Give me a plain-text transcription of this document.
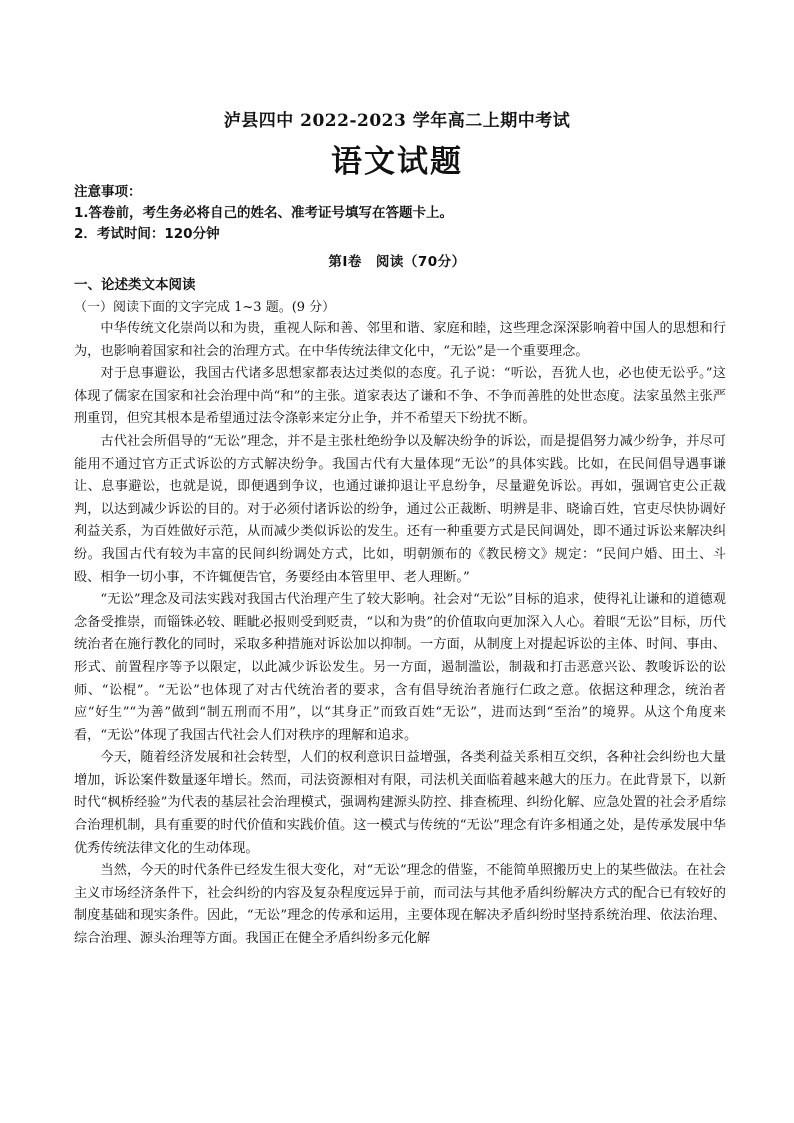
泸县四中 2022-2023 学年高二上期中考试
语文试题
注意事项：
1.答卷前，考生务必将自己的姓名、准考证号填写在答题卡上。
2．考试时间：120分钟
第Ⅰ卷　阅读（70分）
一、论述类文本阅读
（一）阅读下面的文字完成 1~3 题。(9 分）

中华传统文化崇尚以和为贵，重视人际和善、邻里和谐、家庭和睦，这些理念深深影响着中国人的思想和行为，也影响着国家和社会的治理方式。在中华传统法律文化中，“无讼”是一个重要理念。

对于息事避讼，我国古代诸多思想家都表达过类似的态度。孔子说：“听讼，吾犹人也，必也使无讼乎。”这体现了儒家在国家和社会治理中尚“和”的主张。道家表达了谦和不争、不争而善胜的处世态度。法家虽然主张严刑重罚，但究其根本是希望通过法令涤彰来定分止争，并不希望天下纷扰不断。

古代社会所倡导的“无讼”理念，并不是主张杜绝纷争以及解决纷争的诉讼，而是提倡努力减少纷争，并尽可能用不通过官方正式诉讼的方式解决纷争。我国古代有大量体现“无讼”的具体实践。比如，在民间倡导遇事谦让、息事避讼，也就是说，即便遇到争议，也通过谦抑退让平息纷争，尽量避免诉讼。再如，强调官吏公正裁判，以达到减少诉讼的目的。对于必须付诸诉讼的纷争，通过公正裁断、明辨是非、晓谕百姓，官吏尽快协调好利益关系，为百姓做好示范，从而减少类似诉讼的发生。还有一种重要方式是民间调处，即不通过诉讼来解决纠纷。我国古代有较为丰富的民间纠纷调处方式，比如，明朝颁布的《教民榜文》规定：“民间户婚、田土、斗殴、相争一切小事，不许辄便告官，务要经由本管里甲、老人理断。”

“无讼”理念及司法实践对我国古代治理产生了较大影响。社会对“无讼”目标的追求，使得礼让谦和的道德观念备受推崇，而锱铢必较、睚眦必报则受到贬责，“以和为贵”的价值取向更加深入人心。着眼“无讼”目标，历代统治者在施行教化的同时，采取多种措施对诉讼加以抑制。一方面，从制度上对提起诉讼的主体、时间、事由、形式、前置程序等予以限定，以此减少诉讼发生。另一方面，遏制滥讼，制裁和打击恶意兴讼、教唆诉讼的讼师、“讼棍”。“无讼”也体现了对古代统治者的要求，含有倡导统治者施行仁政之意。依据这种理念，统治者应“好生”“为善”做到“制五刑而不用”，以“其身正”而致百姓“无讼”，进而达到“至治”的境界。从这个角度来看，“无讼”体现了我国古代社会人们对秩序的理解和追求。

今天，随着经济发展和社会转型，人们的权利意识日益增强，各类利益关系相互交织，各种社会纠纷也大量增加，诉讼案件数量逐年增长。然而，司法资源相对有限，司法机关面临着越来越大的压力。在此背景下，以新时代“枫桥经验”为代表的基层社会治理模式，强调构建源头防控、排查梳理、纠纷化解、应急处置的社会矛盾综合治理机制，具有重要的时代价值和实践价值。这一模式与传统的“无讼”理念有许多相通之处，是传承发展中华优秀传统法律文化的生动体现。

当然，今天的时代条件已经发生很大变化，对“无讼”理念的借鉴，不能简单照搬历史上的某些做法。在社会主义市场经济条件下，社会纠纷的内容及复杂程度远异于前，而司法与其他矛盾纠纷解决方式的配合已有较好的制度基础和现实条件。因此，“无讼”理念的传承和运用，主要体现在解决矛盾纠纷时坚持系统治理、依法治理、综合治理、源头治理等方面。我国正在健全矛盾纠纷多元化解
